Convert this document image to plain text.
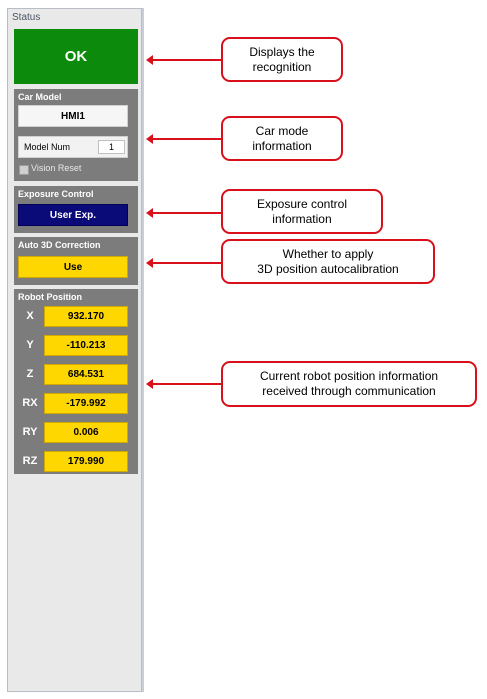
Status
OK
Car Model
HMI1
Model Num	1
Vision Reset
Exposure Control
User Exp.
Auto 3D Correction
Use
Robot Position
X	932.170
Y	-110.213
Z	684.531
RX	-179.992
RY	0.006
RZ	179.990
Displays the
recognition
Car mode
information
Exposure control
information
Whether to apply
3D position autocalibration
Current robot position information
received through communication
